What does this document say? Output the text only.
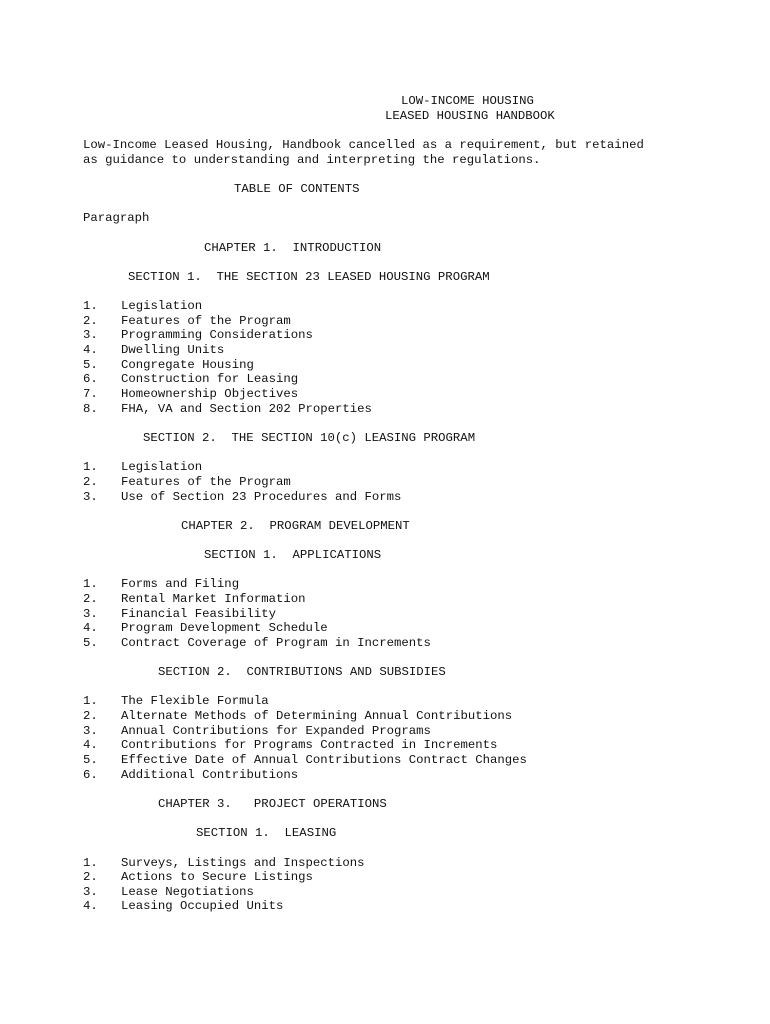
LOW-INCOME HOUSING
LEASED HOUSING HANDBOOK
Low-Income Leased Housing, Handbook cancelled as a requirement, but retained
as guidance to understanding and interpreting the regulations.
TABLE OF CONTENTS
Paragraph
CHAPTER 1.  INTRODUCTION
SECTION 1.  THE SECTION 23 LEASED HOUSING PROGRAM
1. Legislation
2. Features of the Program
3. Programming Considerations
4. Dwelling Units
5. Congregate Housing
6. Construction for Leasing
7. Homeownership Objectives
8. FHA, VA and Section 202 Properties
SECTION 2.  THE SECTION 10(c) LEASING PROGRAM
1. Legislation
2. Features of the Program
3. Use of Section 23 Procedures and Forms
CHAPTER 2.  PROGRAM DEVELOPMENT
SECTION 1.  APPLICATIONS
1. Forms and Filing
2. Rental Market Information
3. Financial Feasibility
4. Program Development Schedule
5. Contract Coverage of Program in Increments
SECTION 2.  CONTRIBUTIONS AND SUBSIDIES
1. The Flexible Formula
2. Alternate Methods of Determining Annual Contributions
3. Annual Contributions for Expanded Programs
4. Contributions for Programs Contracted in Increments
5. Effective Date of Annual Contributions Contract Changes
6. Additional Contributions
CHAPTER 3.   PROJECT OPERATIONS
SECTION 1.  LEASING
1. Surveys, Listings and Inspections
2. Actions to Secure Listings
3. Lease Negotiations
4. Leasing Occupied Units
